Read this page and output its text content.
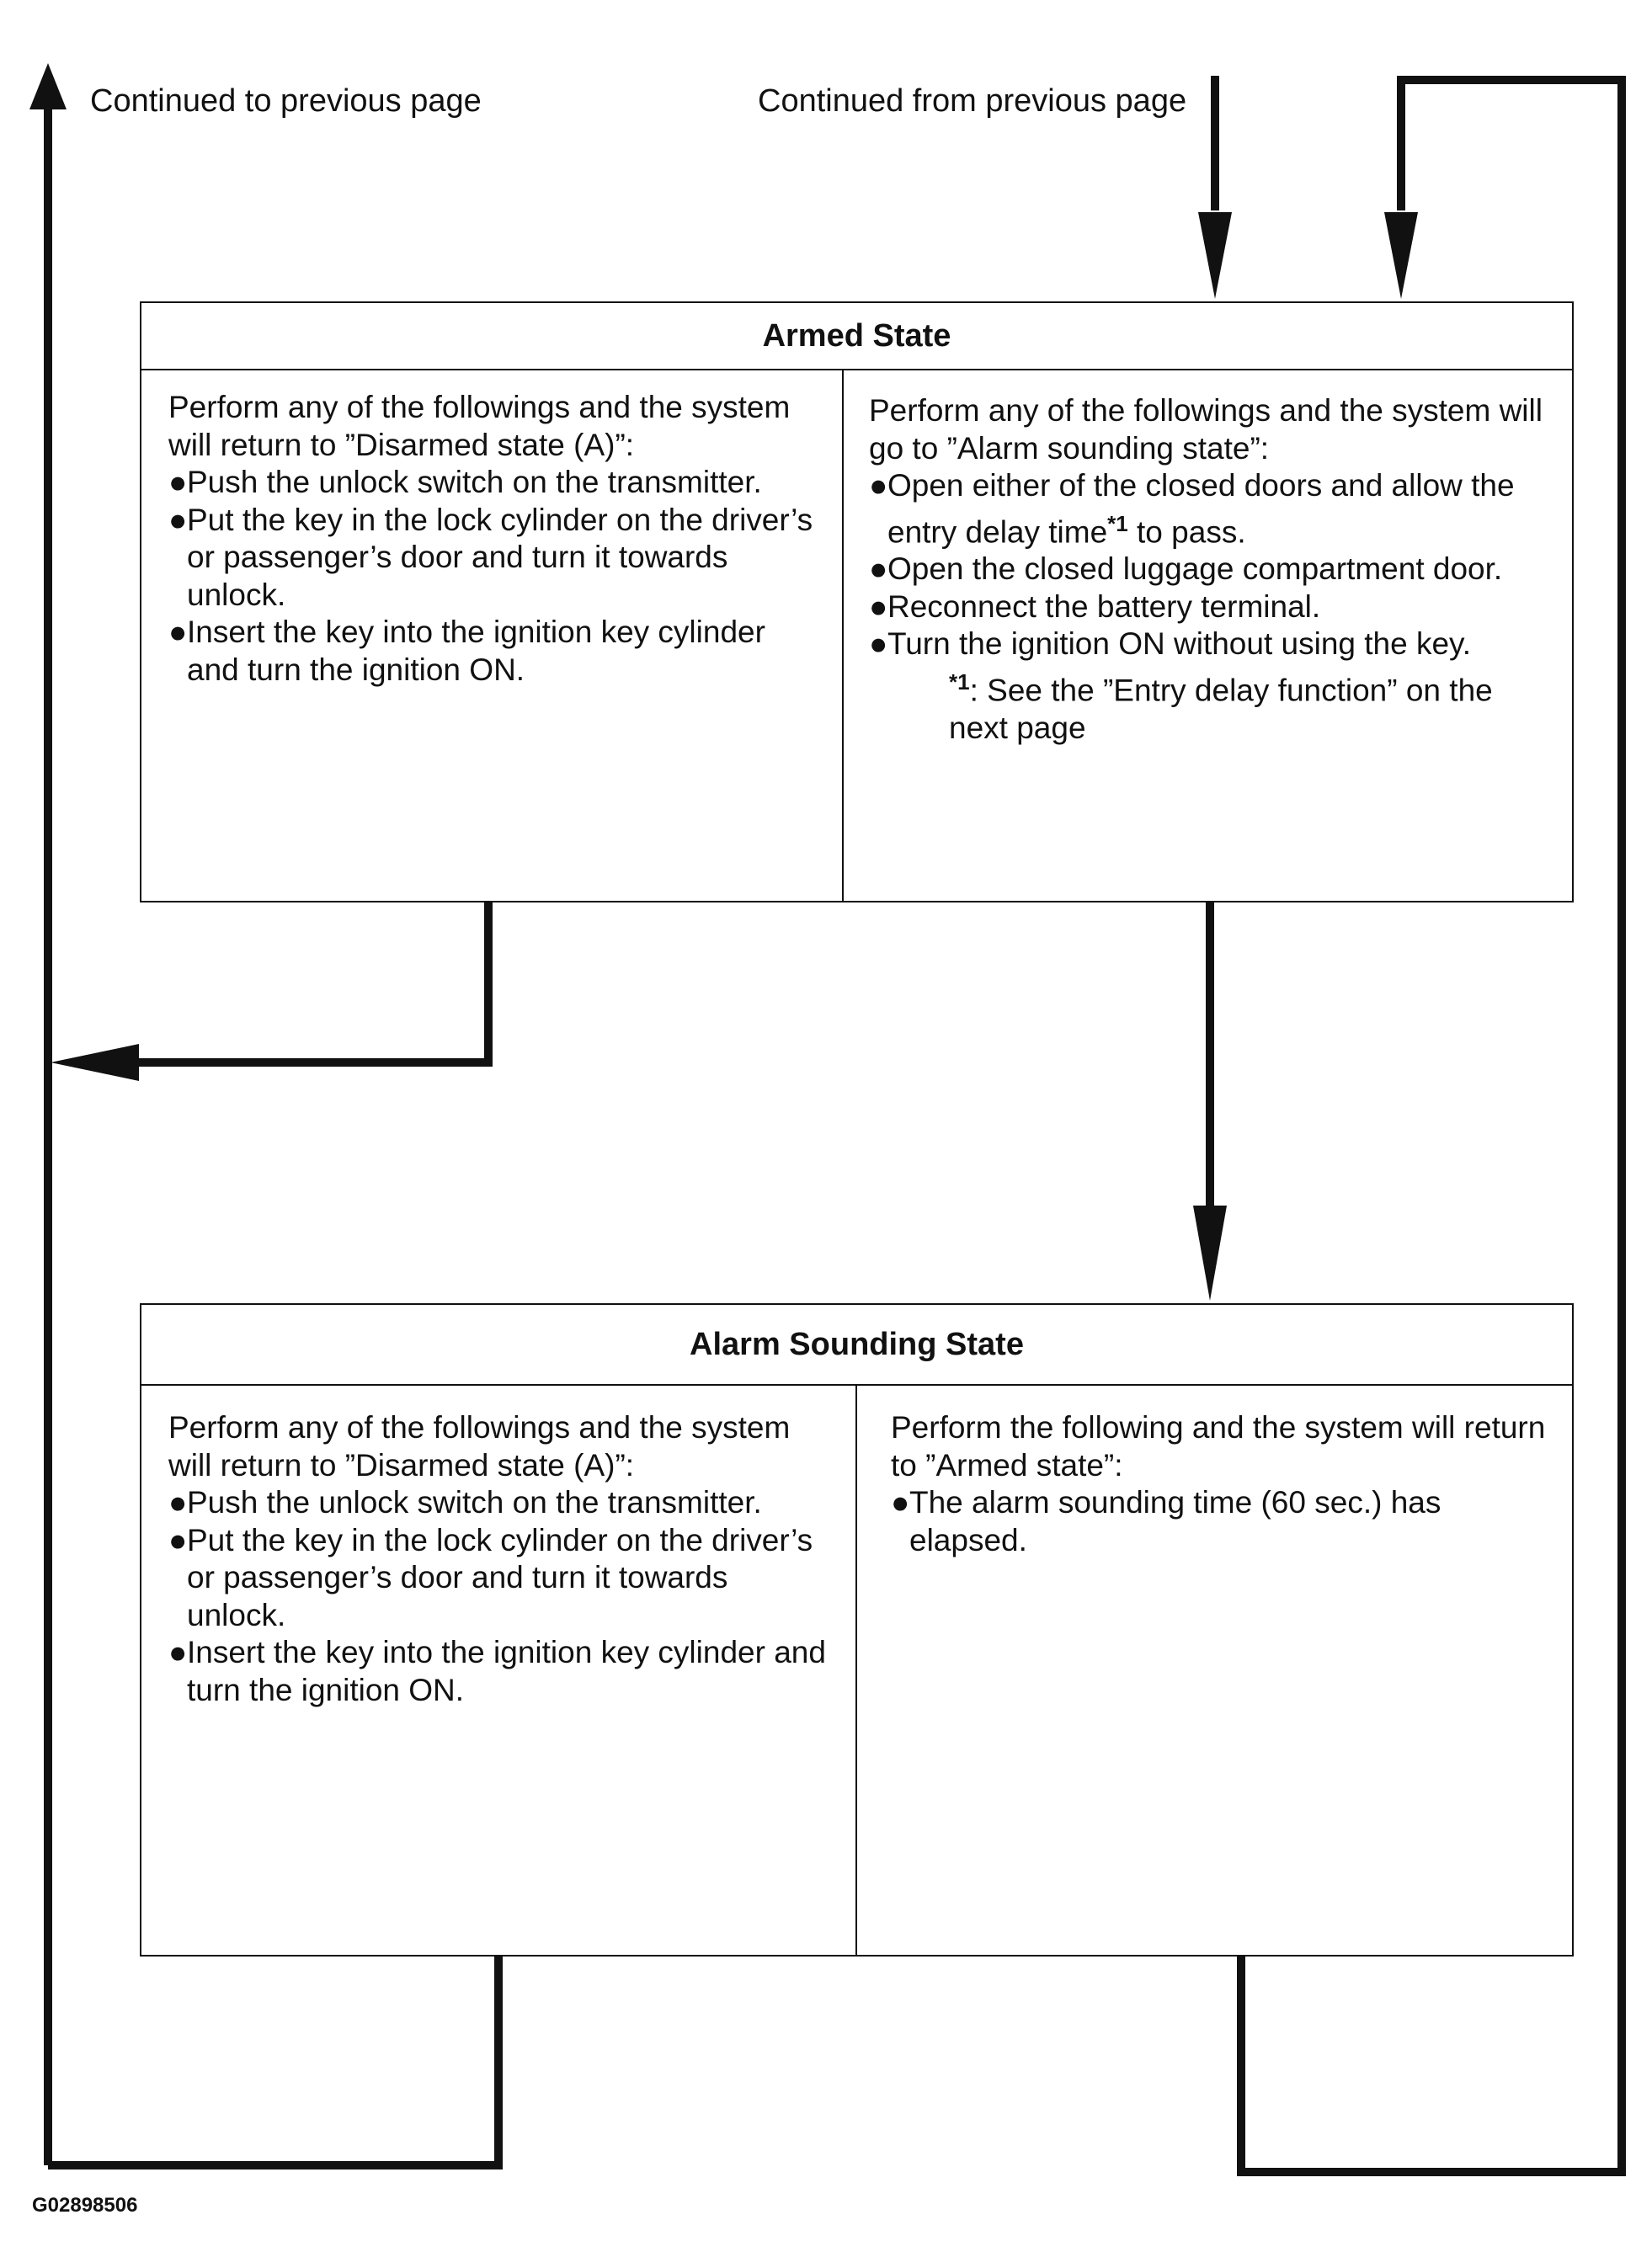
Continued to previous page	Continued from previous page
Armed State

Perform any of the followings and the system will return to ”Disarmed state (A)”:

● Push the unlock switch on the transmitter.
● Put the key in the lock cylinder on the driver’s or passenger’s door and turn it towards unlock.
● Insert the key into the ignition key cylinder and turn the ignition ON.

Perform any of the followings and the system will go to ”Alarm sounding state”:

● Open either of the closed doors and allow the entry delay time$^{*1}$ to pass.
● Open the closed luggage compartment door.
● Reconnect the battery terminal.
● Turn the ignition ON without using the key.

$^{*1}$: See the ”Entry delay function” on the next page

Alarm Sounding State

Perform any of the followings and the system will return to ”Disarmed state (A)”:

● Push the unlock switch on the transmitter.
● Put the key in the lock cylinder on the driver’s or passenger’s door and turn it towards unlock.
● Insert the key into the ignition key cylinder and turn the ignition ON.

Perform the following and the system will return to ”Armed state”:

● The alarm sounding time (60 sec.) has elapsed.
G02898506
